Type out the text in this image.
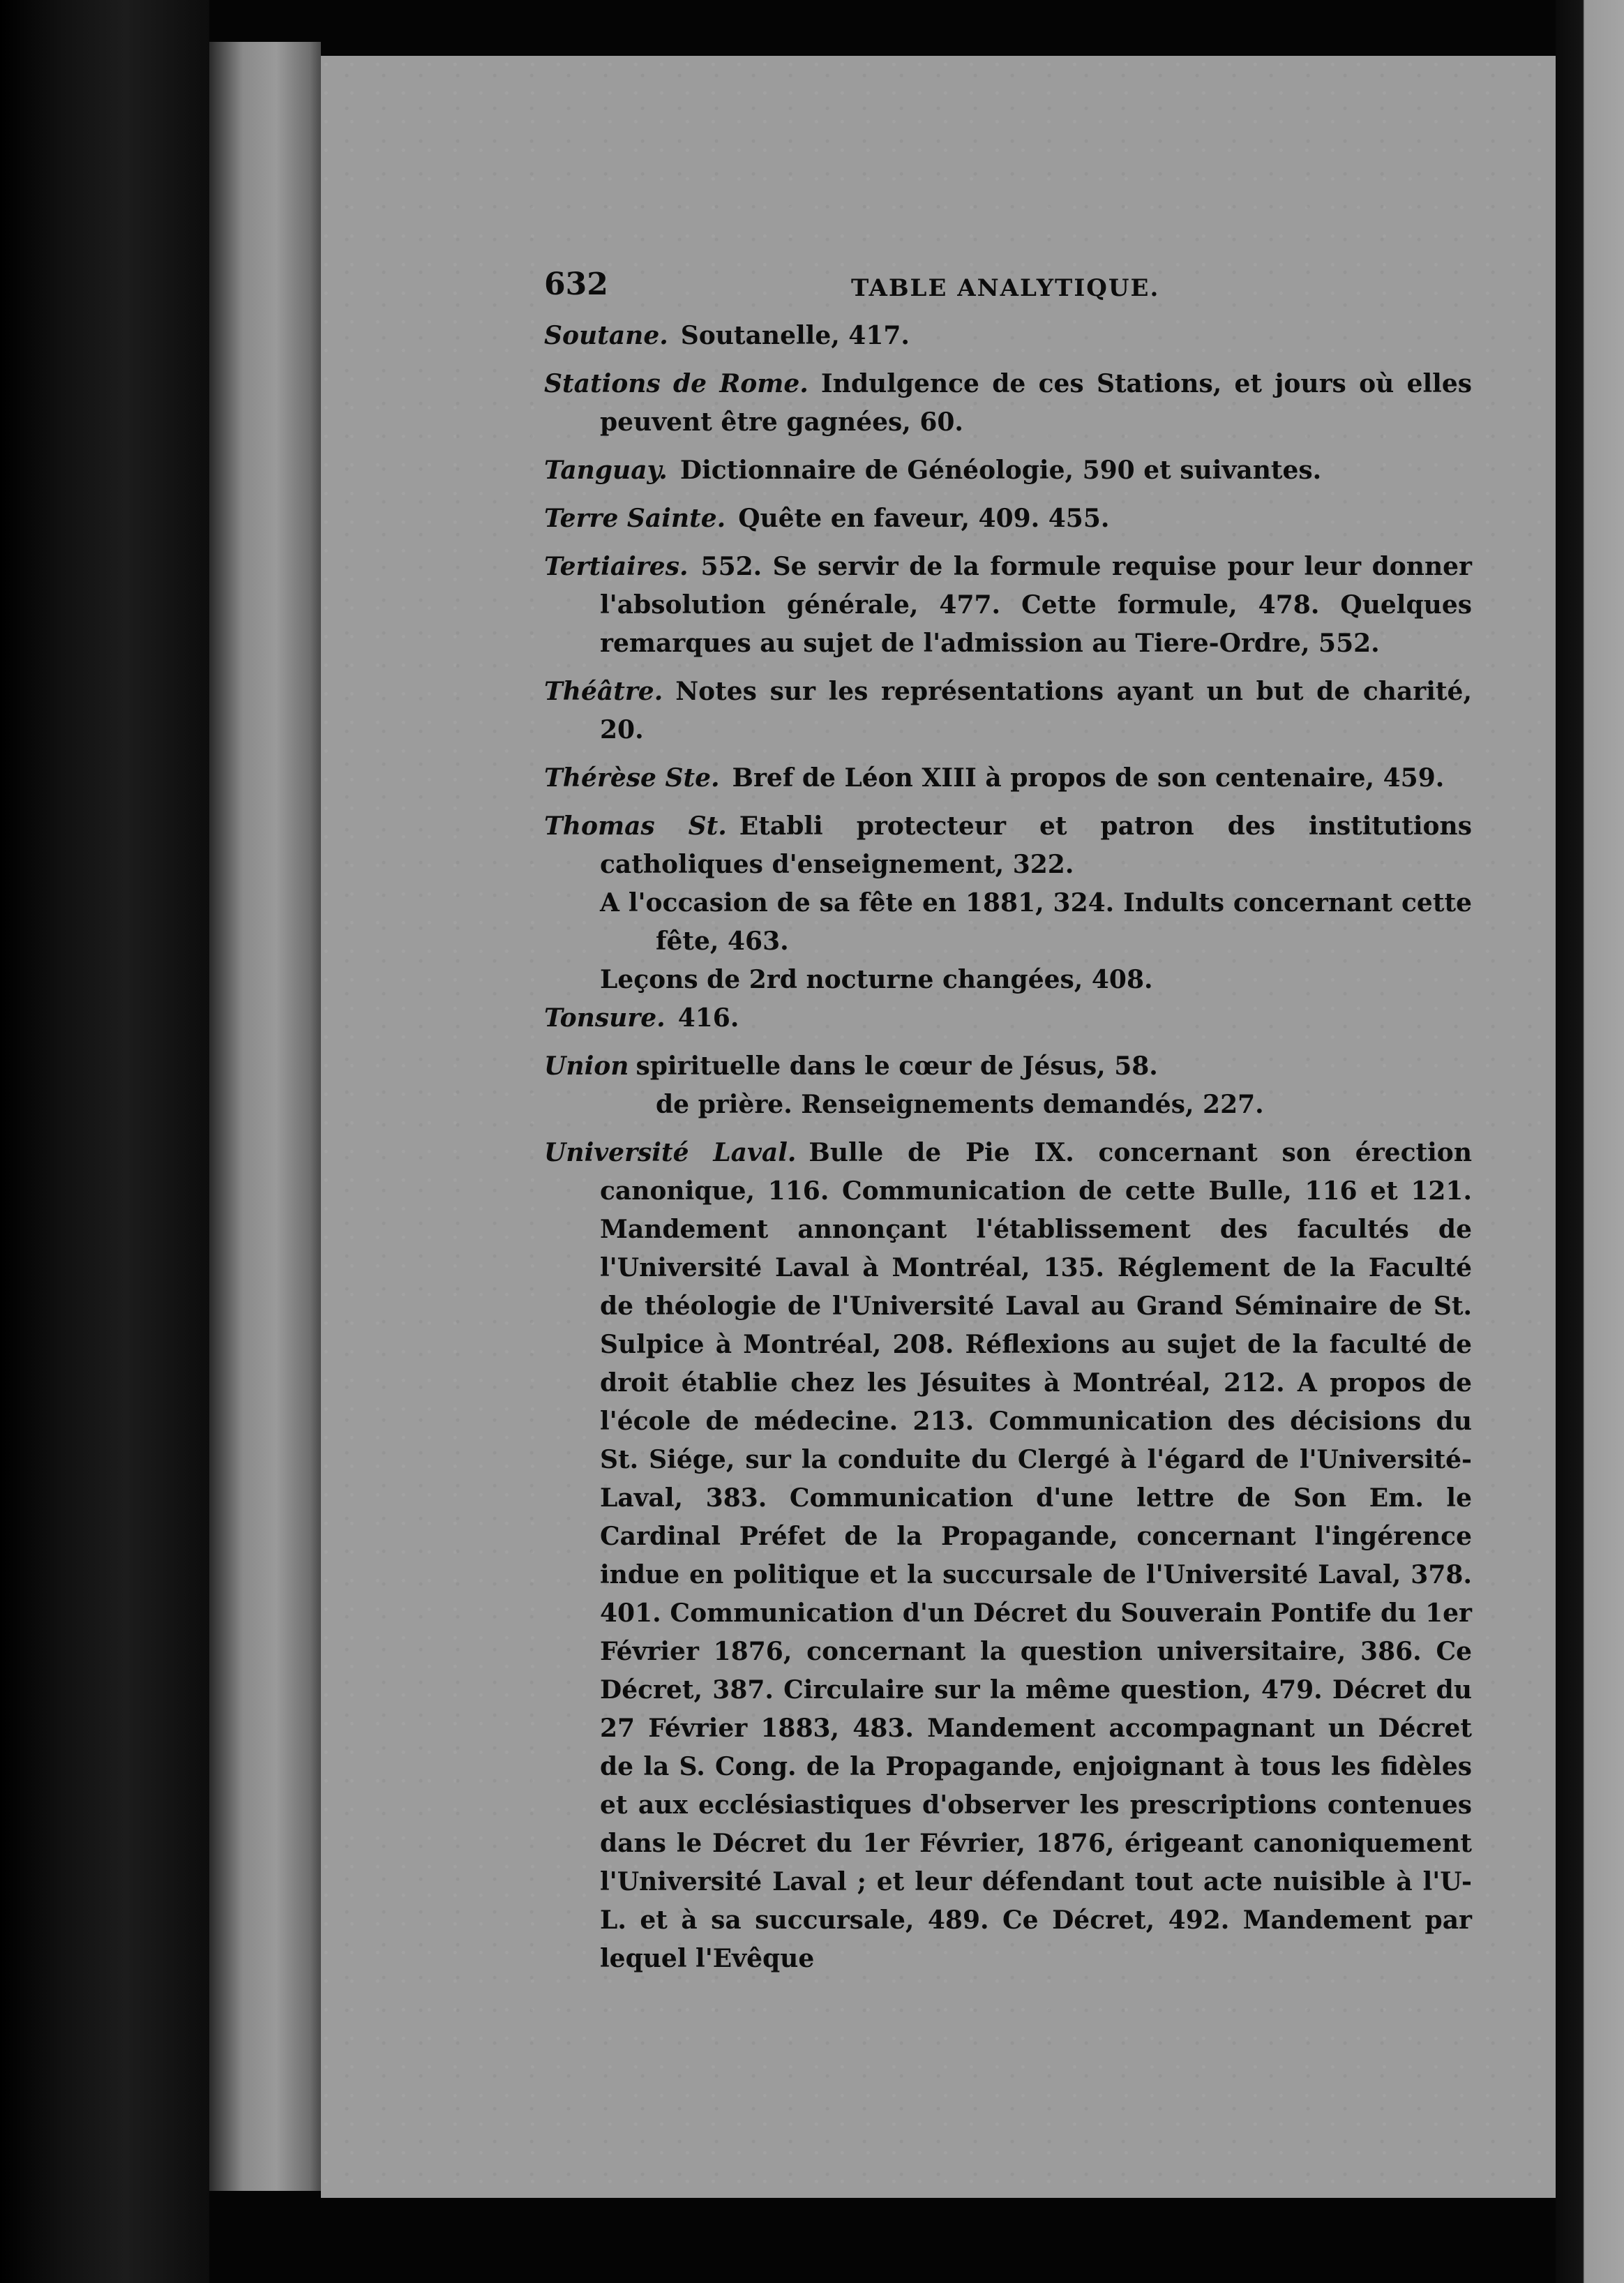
632	TABLE ANALYTIQUE.
Soutane. Soutanelle, 417.
Stations de Rome. Indulgence de ces Stations, et jours où elles peuvent être gagnées, 60.
Tanguay. Dictionnaire de Généologie, 590 et suivantes.
Terre Sainte. Quête en faveur, 409. 455.
Tertiaires. 552. Se servir de la formule requise pour leur donner l'absolution générale, 477. Cette formule, 478. Quelques remarques au sujet de l'admission au Tiere-Ordre, 552.
Théâtre. Notes sur les représentations ayant un but de charité, 20.
Thérèse Ste. Bref de Léon XIII à propos de son centenaire, 459.
Thomas St. Etabli protecteur et patron des institutions catholiques d'enseignement, 322.
A l'occasion de sa fête en 1881, 324. Indults concernant cette fête, 463.
Leçons de 2rd nocturne changées, 408.
Tonsure. 416.
Union spirituelle dans le cœur de Jésus, 58.
de prière. Renseignements demandés, 227.
Université Laval. Bulle de Pie IX. concernant son érection canonique, 116. Communication de cette Bulle, 116 et 121. Mandement annonçant l'établissement des facultés de l'Université Laval à Montréal, 135. Réglement de la Faculté de théologie de l'Université Laval au Grand Séminaire de St. Sulpice à Montréal, 208. Réflexions au sujet de la faculté de droit établie chez les Jésuites à Montréal, 212. A propos de l'école de médecine. 213. Communication des décisions du St. Siége, sur la conduite du Clergé à l'égard de l'Université-Laval, 383. Communication d'une lettre de Son Em. le Cardinal Préfet de la Propagande, concernant l'ingérence indue en politique et la succursale de l'Université Laval, 378. 401. Communication d'un Décret du Souverain Pontife du 1er Février 1876, concernant la question universitaire, 386. Ce Décret, 387. Circulaire sur la même question, 479. Décret du 27 Février 1883, 483. Mandement accompagnant un Décret de la S. Cong. de la Propagande, enjoignant à tous les fidèles et aux ecclésiastiques d'observer les prescriptions contenues dans le Décret du 1er Février, 1876, érigeant canoniquement l'Université Laval ; et leur défendant tout acte nuisible à l'U-L. et à sa succursale, 489. Ce Décret, 492. Mandement par lequel l'Evêque
